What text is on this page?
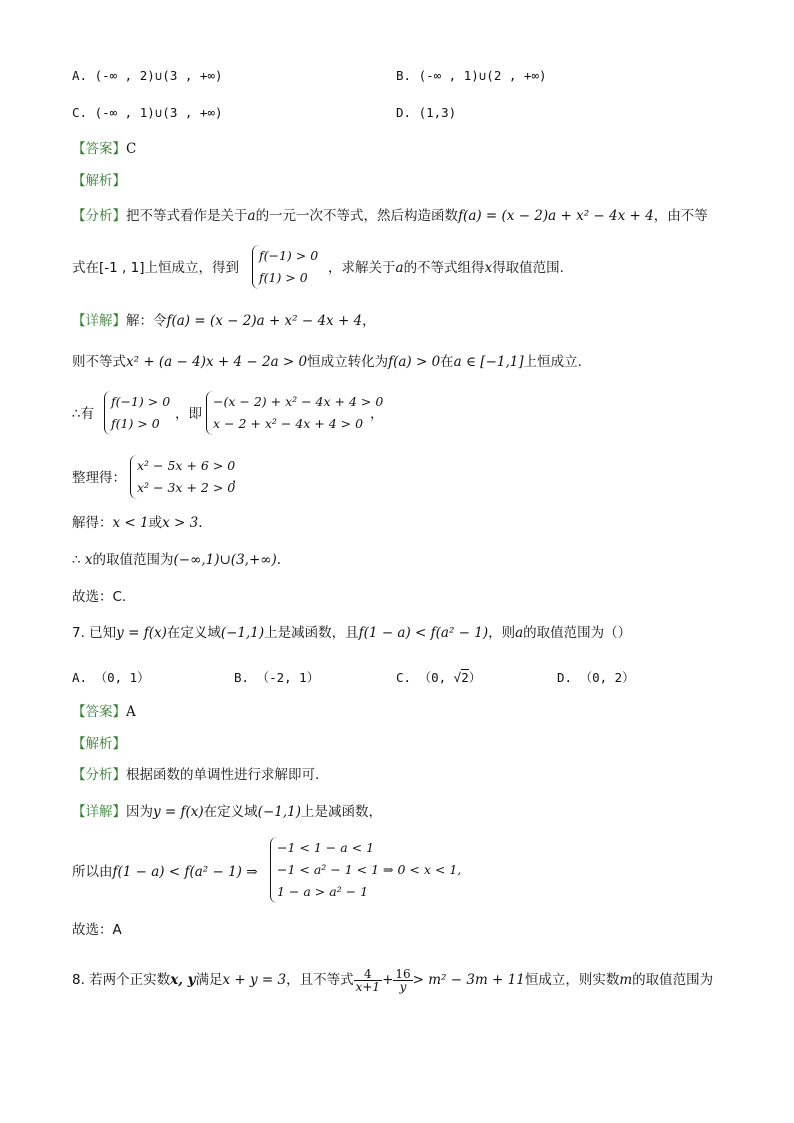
A. (-∞ , 2)∪(3 , +∞)	B. (-∞ , 1)∪(2 , +∞)
C. (-∞ , 1)∪(3 , +∞)	D. (1,3)
【答案】C
【解析】
【分析】把不等式看作是关于a的一元一次不等式，然后构造函数f(a) = (x − 2)a + x² − 4x + 4，由不等
式在[-1 , 1]上恒成立，得到
f(−1) > 0
f(1) > 0
，求解关于a的不等式组得x得取值范围.
【详解】解：令f(a) = (x − 2)a + x² − 4x + 4，
则不等式x² + (a − 4)x + 4 − 2a > 0恒成立转化为f(a) > 0在a ∈ [−1,1]上恒成立.
∴有
f(−1) > 0
f(1) > 0
，即
−(x − 2) + x² − 4x + 4 > 0
x − 2 + x² − 4x + 4 > 0
，
整理得：
x² − 5x + 6 > 0
x² − 3x + 2 > 0
，
解得：x < 1或x > 3.
∴ x的取值范围为(−∞,1)∪(3,+∞).
故选：C.
7. 已知y = f(x)在定义域(−1,1)上是减函数，且f(1 − a) < f(a² − 1)，则a的取值范围为（）
A. （0, 1）	B. （-2, 1）	C. （0, √2）	D. （0, 2）
【答案】A
【解析】
【分析】根据函数的单调性进行求解即可.
【详解】因为y = f(x)在定义域(−1,1)上是减函数，
所以由f(1 − a) < f(a² − 1) ⇒
−1 < 1 − a < 1
−1 < a² − 1 < 1 ⇒ 0 < x < 1,
1 − a > a² − 1
故选：A
8. 若两个正实数x, y满足x + y = 3，且不等式 $\frac{4}{x+1} + \frac{16}{y} > m^2 - 3m + 11$恒成立，则实数m的取值范围为
